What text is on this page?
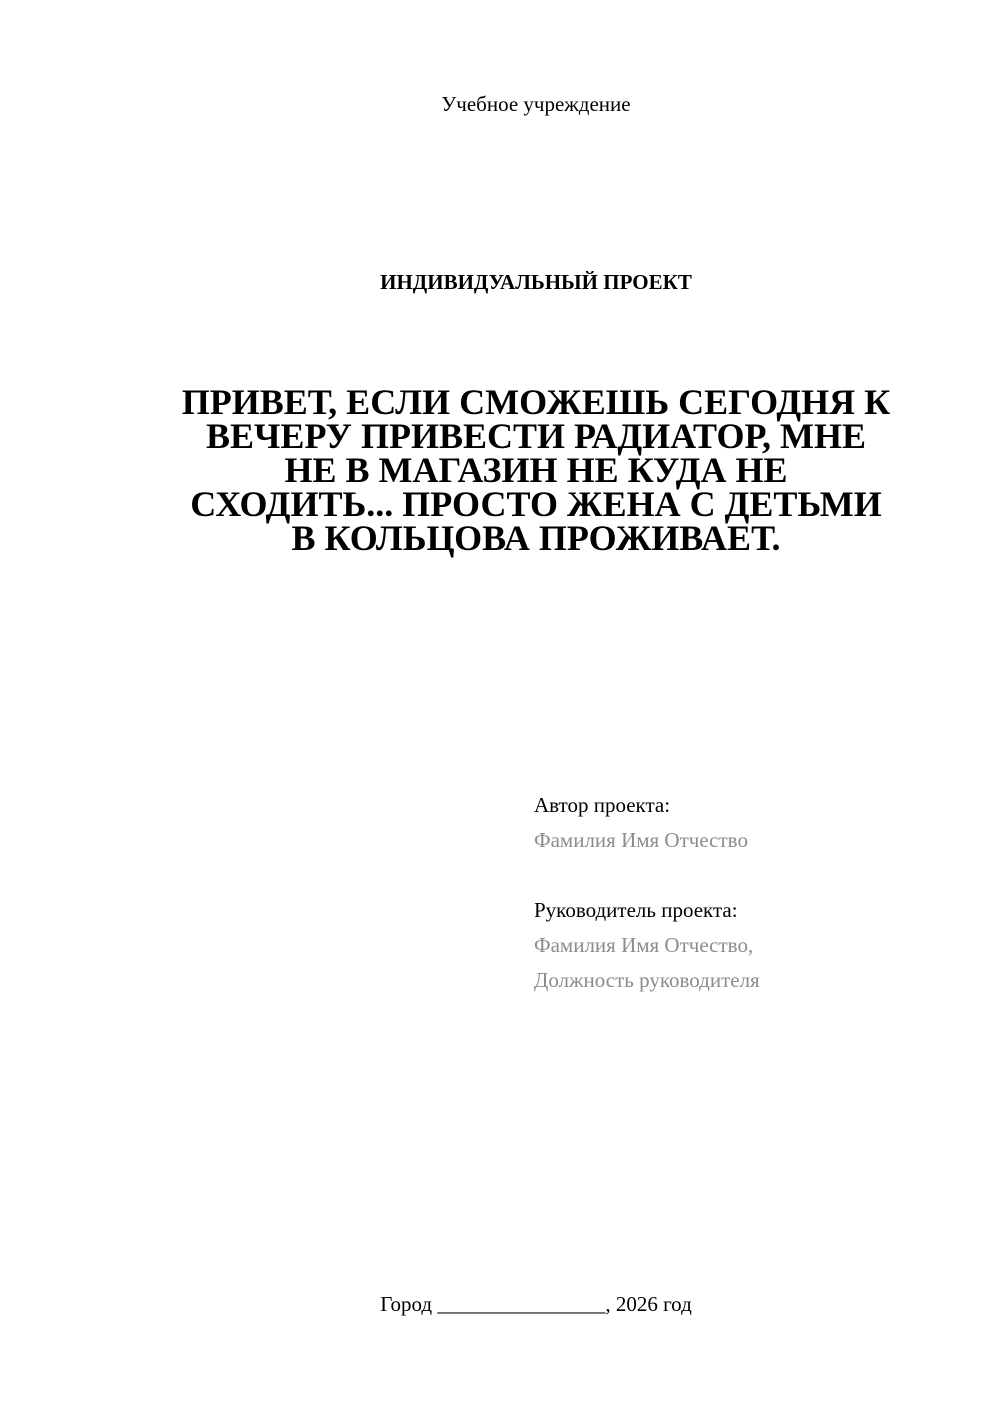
Учебное учреждение
ИНДИВИДУАЛЬНЫЙ ПРОЕКТ
ПРИВЕТ, ЕСЛИ СМОЖЕШЬ СЕГОДНЯ К
ВЕЧЕРУ ПРИВЕСТИ РАДИАТОР, МНЕ
НЕ В МАГАЗИН НЕ КУДА НЕ
СХОДИТЬ... ПРОСТО ЖЕНА С ДЕТЬМИ
В КОЛЬЦОВА ПРОЖИВАЕТ.
Автор проекта:
Фамилия Имя Отчество
Руководитель проекта:
Фамилия Имя Отчество,
Должность руководителя
Город ________________, 2026 год
